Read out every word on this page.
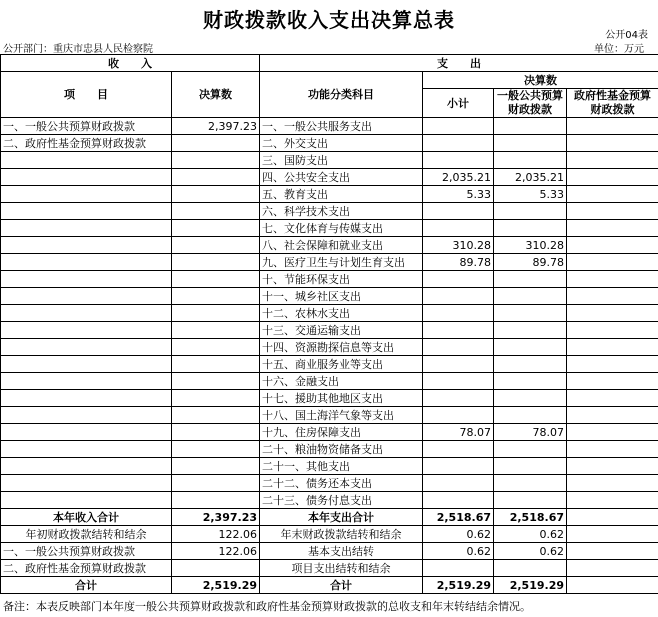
财政拨款收入支出决算总表
公开04表
公开部门：重庆市忠县人民检察院	单位：万元
收　　入		支　　出			
项　　目	决算数	功能分类科目	决算数		
			小计	一般公共预算财政拨款	政府性基金预算财政拨款

一、一般公共预算财政拨款	2,397.23	一、一般公共服务支出			
二、政府性基金预算财政拨款		二、外交支出			
		三、国防支出			
		四、公共安全支出	2,035.21	2,035.21	
		五、教育支出	5.33	5.33	
		六、科学技术支出			
		七、文化体育与传媒支出			
		八、社会保障和就业支出	310.28	310.28	
		九、医疗卫生与计划生育支出	89.78	89.78	
		十、节能环保支出			
		十一、城乡社区支出			
		十二、农林水支出			
		十三、交通运输支出			
		十四、资源勘探信息等支出			
		十五、商业服务业等支出			
		十六、金融支出			
		十七、援助其他地区支出			
		十八、国土海洋气象等支出			
		十九、住房保障支出	78.07	78.07	
		二十、粮油物资储备支出			
		二十一、其他支出			
		二十二、债务还本支出			
		二十三、债务付息支出			
本年收入合计	2,397.23	本年支出合计	2,518.67	2,518.67	
年初财政拨款结转和结余	122.06	年末财政拨款结转和结余	0.62	0.62	
一、一般公共预算财政拨款	122.06	基本支出结转	0.62	0.62	
二、政府性基金预算财政拨款		项目支出结转和结余			
合计	2,519.29	合计	2,519.29	2,519.29	
备注：本表反映部门本年度一般公共预算财政拨款和政府性基金预算财政拨款的总收支和年末转结结余情况。
